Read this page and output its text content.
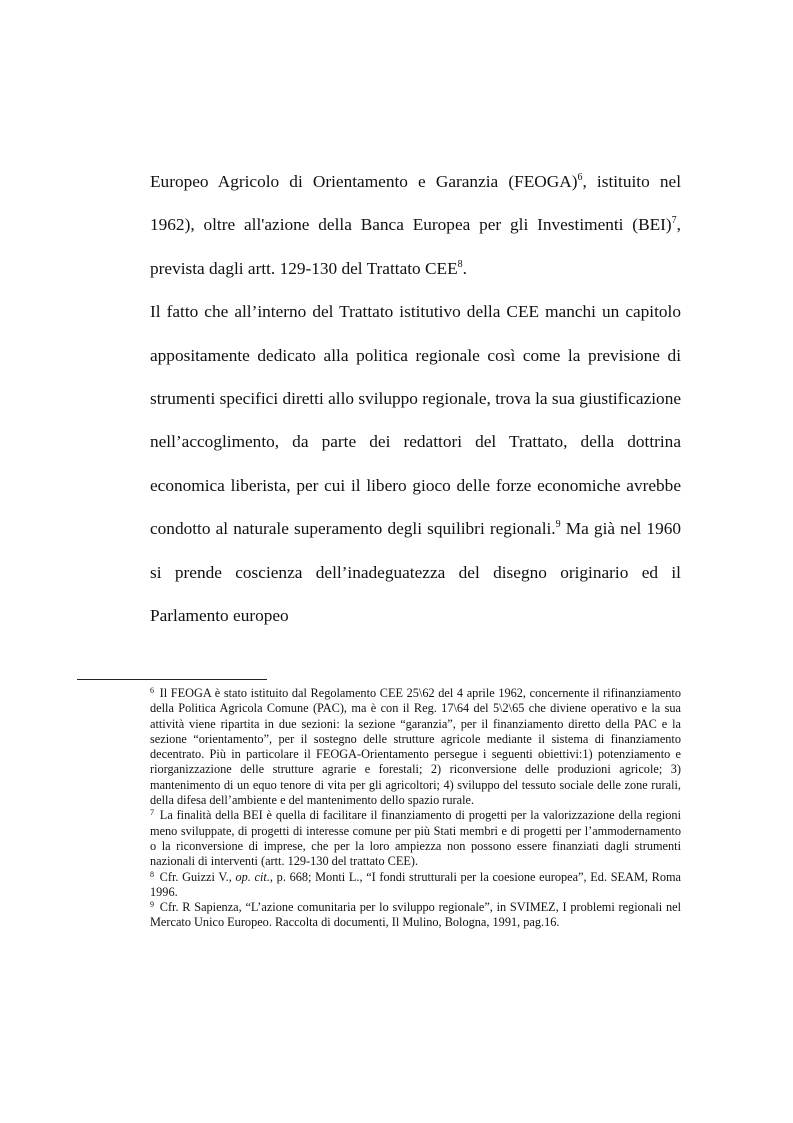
Europeo Agricolo di Orientamento e Garanzia (FEOGA)$^6$, istituito nel 1962), oltre all'azione della Banca Europea per gli Investimenti (BEI)$^7$, prevista dagli artt. 129-130 del Trattato CEE$^8$.

Il fatto che all’interno del Trattato istitutivo della CEE manchi un capitolo appositamente dedicato alla politica regionale così come la previsione di strumenti specifici diretti allo sviluppo regionale, trova la sua giustificazione nell’accoglimento, da parte dei redattori del Trattato, della dottrina economica liberista, per cui il libero gioco delle forze economiche avrebbe condotto al naturale superamento degli squilibri regionali.$^9$ Ma già nel 1960 si prende coscienza dell’inadeguatezza del disegno originario ed il Parlamento europeo

$^6$ Il FEOGA è stato istituito dal Regolamento CEE 25\62 del 4 aprile 1962, concernente il rifinanziamento della Politica Agricola Comune (PAC), ma è con il Reg. 17\64 del 5\2\65 che diviene operativo e la sua attività viene ripartita in due sezioni: la sezione “garanzia”, per il finanziamento diretto della PAC e la sezione “orientamento”, per il sostegno delle strutture agricole mediante il sistema di finanziamento decentrato. Più in particolare il FEOGA-Orientamento persegue i seguenti obiettivi:1) potenziamento e riorganizzazione delle strutture agrarie e forestali; 2) riconversione delle produzioni agricole; 3) mantenimento di un equo tenore di vita per gli agricoltori; 4) sviluppo del tessuto sociale delle zone rurali, della difesa dell’ambiente e del mantenimento dello spazio rurale.

$^7$ La finalità della BEI è quella di facilitare il finanziamento di progetti per la valorizzazione della regioni meno sviluppate, di progetti di interesse comune per più Stati membri e di progetti per l’ammodernamento o la riconversione di imprese, che per la loro ampiezza non possono essere finanziati dagli strumenti nazionali di interventi (artt. 129-130 del trattato CEE).

$^8$ Cfr. Guizzi V., op. cit., p. 668; Monti L., “I fondi strutturali per la coesione europea”, Ed. SEAM, Roma 1996.

$^9$ Cfr. R Sapienza, “L’azione comunitaria per lo sviluppo regionale”, in SVIMEZ, I problemi regionali nel Mercato Unico Europeo. Raccolta di documenti, Il Mulino, Bologna, 1991, pag.16.
